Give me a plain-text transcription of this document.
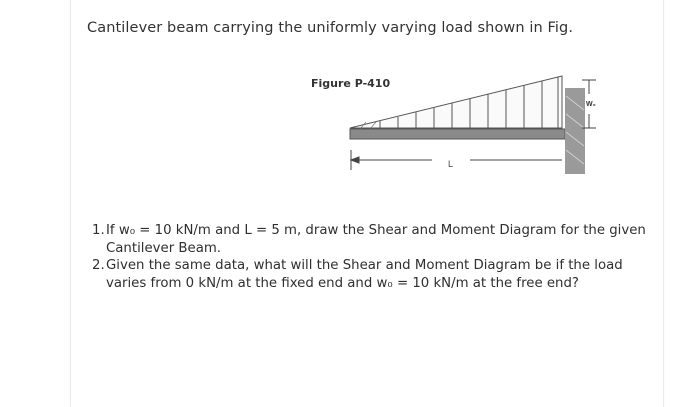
Cantilever beam carrying the uniformly varying load shown in Fig.
W₀
L
Figure P-410
1. If w₀ = 10 kN/m and L = 5 m, draw the Shear and Moment Diagram for the given Cantilever Beam.
2. Given the same data, what will the Shear and Moment Diagram be if the load varies from 0 kN/m at the fixed end and w₀ = 10 kN/m at the free end?
